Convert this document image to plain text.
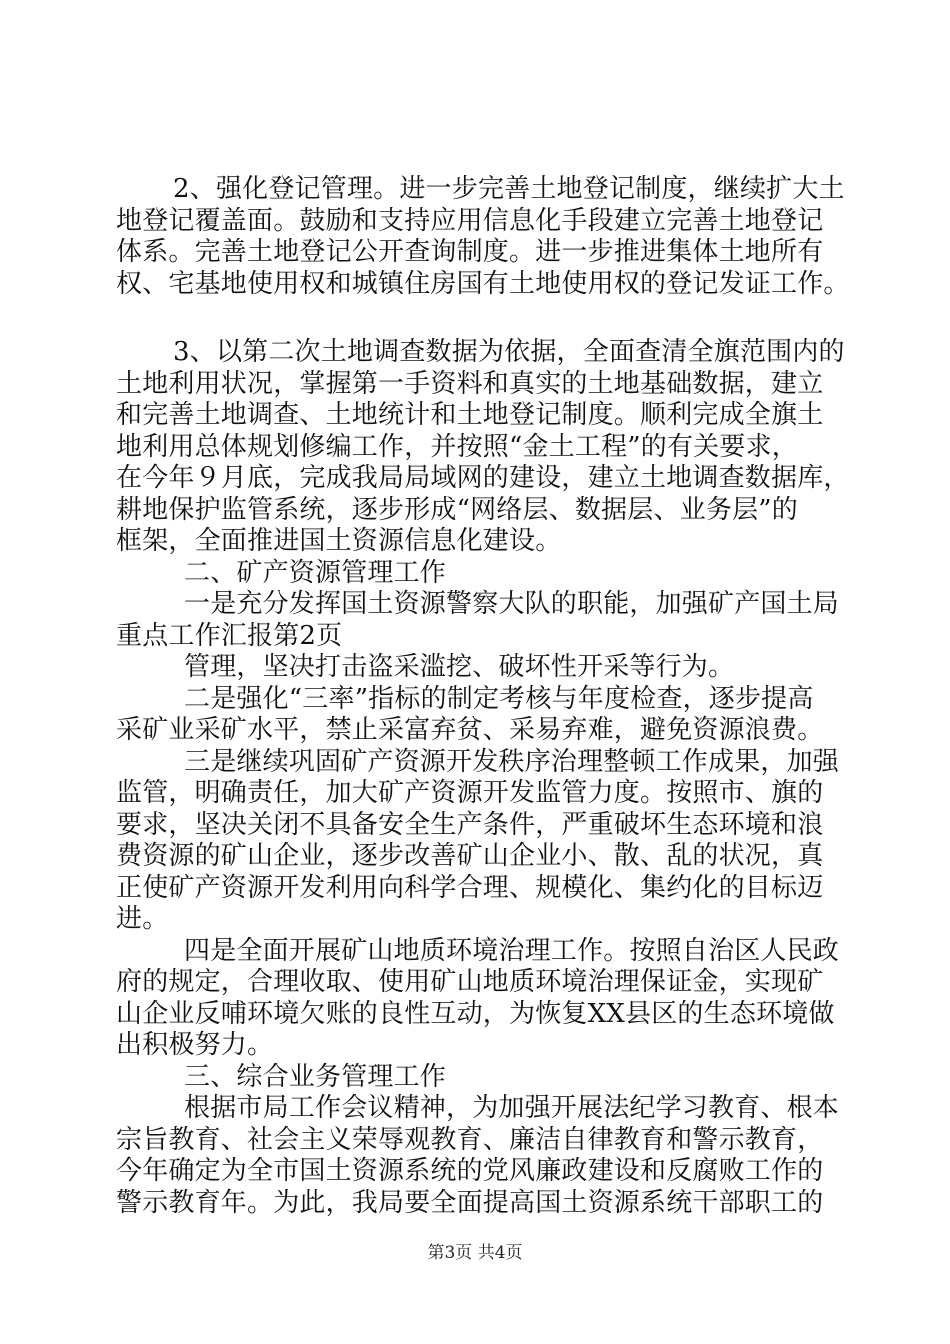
2、强化登记管理。进一步完善土地登记制度，继续扩大土
地登记覆盖面。鼓励和支持应用信息化手段建立完善土地登记
体系。完善土地登记公开查询制度。进一步推进集体土地所有
权、宅基地使用权和城镇住房国有土地使用权的登记发证工作。
3、以第二次土地调查数据为依据，全面查清全旗范围内的
土地利用状况，掌握第一手资料和真实的土地基础数据，建立
和完善土地调查、土地统计和土地登记制度。顺利完成全旗土
地利用总体规划修编工作，并按照“金土工程”的有关要求，
在今年９月底，完成我局局域网的建设，建立土地调查数据库，
耕地保护监管系统，逐步形成“网络层、数据层、业务层”的
框架，全面推进国土资源信息化建设。
二、矿产资源管理工作
一是充分发挥国土资源警察大队的职能，加强矿产国土局
重点工作汇报第2页
管理，坚决打击盗采滥挖、破坏性开采等行为。
二是强化“三率”指标的制定考核与年度检查，逐步提高
采矿业采矿水平，禁止采富弃贫、采易弃难，避免资源浪费。
三是继续巩固矿产资源开发秩序治理整顿工作成果，加强
监管，明确责任，加大矿产资源开发监管力度。按照市、旗的
要求，坚决关闭不具备安全生产条件，严重破坏生态环境和浪
费资源的矿山企业，逐步改善矿山企业小、散、乱的状况，真
正使矿产资源开发利用向科学合理、规模化、集约化的目标迈
进。
四是全面开展矿山地质环境治理工作。按照自治区人民政
府的规定，合理收取、使用矿山地质环境治理保证金，实现矿
山企业反哺环境欠账的良性互动，为恢复XX县区的生态环境做
出积极努力。
三、综合业务管理工作
根据市局工作会议精神，为加强开展法纪学习教育、根本
宗旨教育、社会主义荣辱观教育、廉洁自律教育和警示教育，
今年确定为全市国土资源系统的党风廉政建设和反腐败工作的
警示教育年。为此，我局要全面提高国土资源系统干部职工的
第3页 共4页
